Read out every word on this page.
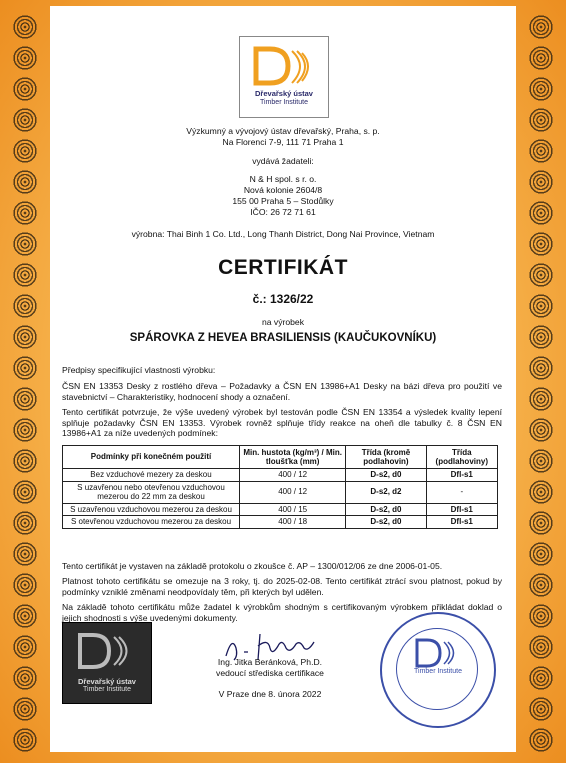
Dřevařský ústav
Timber Institute
Výzkumný a vývojový ústav dřevařský, Praha, s. p.
Na Florenci 7-9, 111 71 Praha 1
vydává žadateli:
N & H spol. s r. o.
Nová kolonie 2604/8
155 00 Praha 5 – Stodůlky
IČO: 26 72 71 61
výrobna: Thai Binh 1 Co. Ltd., Long Thanh District, Dong Nai Province, Vietnam
CERTIFIKÁT
č.: 1326/22
na výrobek
SPÁROVKA Z HEVEA BRASILIENSIS (KAUČUKOVNÍKU)
Předpisy specifikující vlastnosti výrobku:
ČSN EN 13353 Desky z rostlého dřeva – Požadavky a ČSN EN 13986+A1 Desky na bázi dřeva pro použití ve stavebnictví – Charakteristiky, hodnocení shody a označení.
Tento certifikát potvrzuje, že výše uvedený výrobek byl testován podle ČSN EN 13354 a výsledek kvality lepení splňuje požadavky ČSN EN 13353. Výrobek rovněž splňuje třídy reakce na oheň dle tabulky č. 8 ČSN EN 13986+A1 za níže uvedených podmínek:
Podmínky při konečném použití	Min. hustota (kg/m³) / Min. tloušťka (mm)	Třída (kromě podlahovin)	Třída (podlahoviny)
Bez vzduchové mezery za deskou	400 / 12	D-s2, d0	Dfl-s1
S uzavřenou nebo otevřenou vzduchovou mezerou do 22 mm za deskou	400 / 12	D-s2, d2	-
S uzavřenou vzduchovou mezerou za deskou	400 / 15	D-s2, d0	Dfl-s1
S otevřenou vzduchovou mezerou za deskou	400 / 18	D-s2, d0	Dfl-s1
Tento certifikát je vystaven na základě protokolu o zkoušce č. AP – 1300/012/06 ze dne 2006-01-05.
Platnost tohoto certifikátu se omezuje na 3 roky, tj. do 2025-02-08. Tento certifikát ztrácí svou platnost, pokud by podmínky vzniklé změnami neodpovídaly těm, při kterých byl udělen.
Na základě tohoto certifikátu může žadatel k výrobkům shodným s certifikovaným výrobkem přikládat doklad o jejich shodnosti s výše uvedenými dokumenty.
Dřevařský ústav
Timber Institute
Ing. Jitka Beránková, Ph.D.
vedoucí střediska certifikace
V Praze dne 8. února 2022
Timber Institute
